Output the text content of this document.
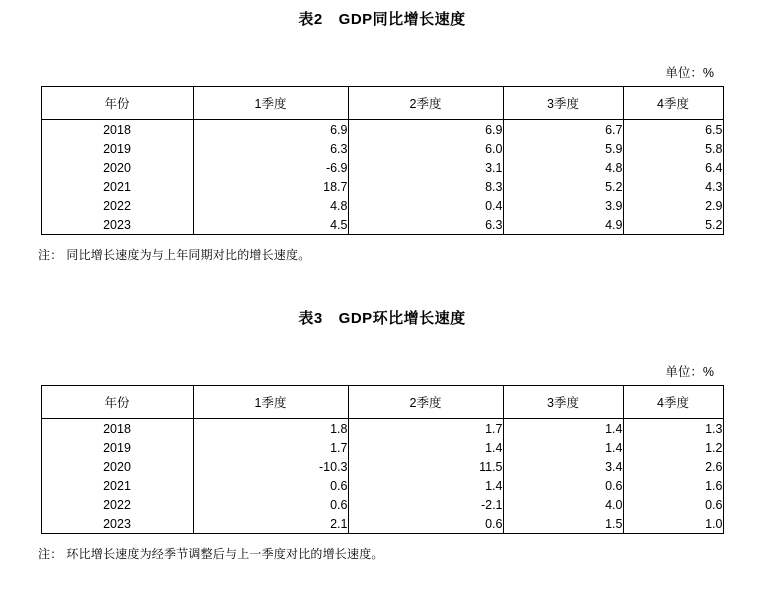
表2 GDP同比增长速度
单位：%
年份	1季度	2季度	3季度	4季度
2018	6.9	6.9	6.7	6.5
2019	6.3	6.0	5.9	5.8
2020	-6.9	3.1	4.8	6.4
2021	18.7	8.3	5.2	4.3
2022	4.8	0.4	3.9	2.9
2023	4.5	6.3	4.9	5.2
注： 同比增长速度为与上年同期对比的增长速度。
表3 GDP环比增长速度
单位：%
年份	1季度	2季度	3季度	4季度
2018	1.8	1.7	1.4	1.3
2019	1.7	1.4	1.4	1.2
2020	-10.3	11.5	3.4	2.6
2021	0.6	1.4	0.6	1.6
2022	0.6	-2.1	4.0	0.6
2023	2.1	0.6	1.5	1.0
注： 环比增长速度为经季节调整后与上一季度对比的增长速度。
